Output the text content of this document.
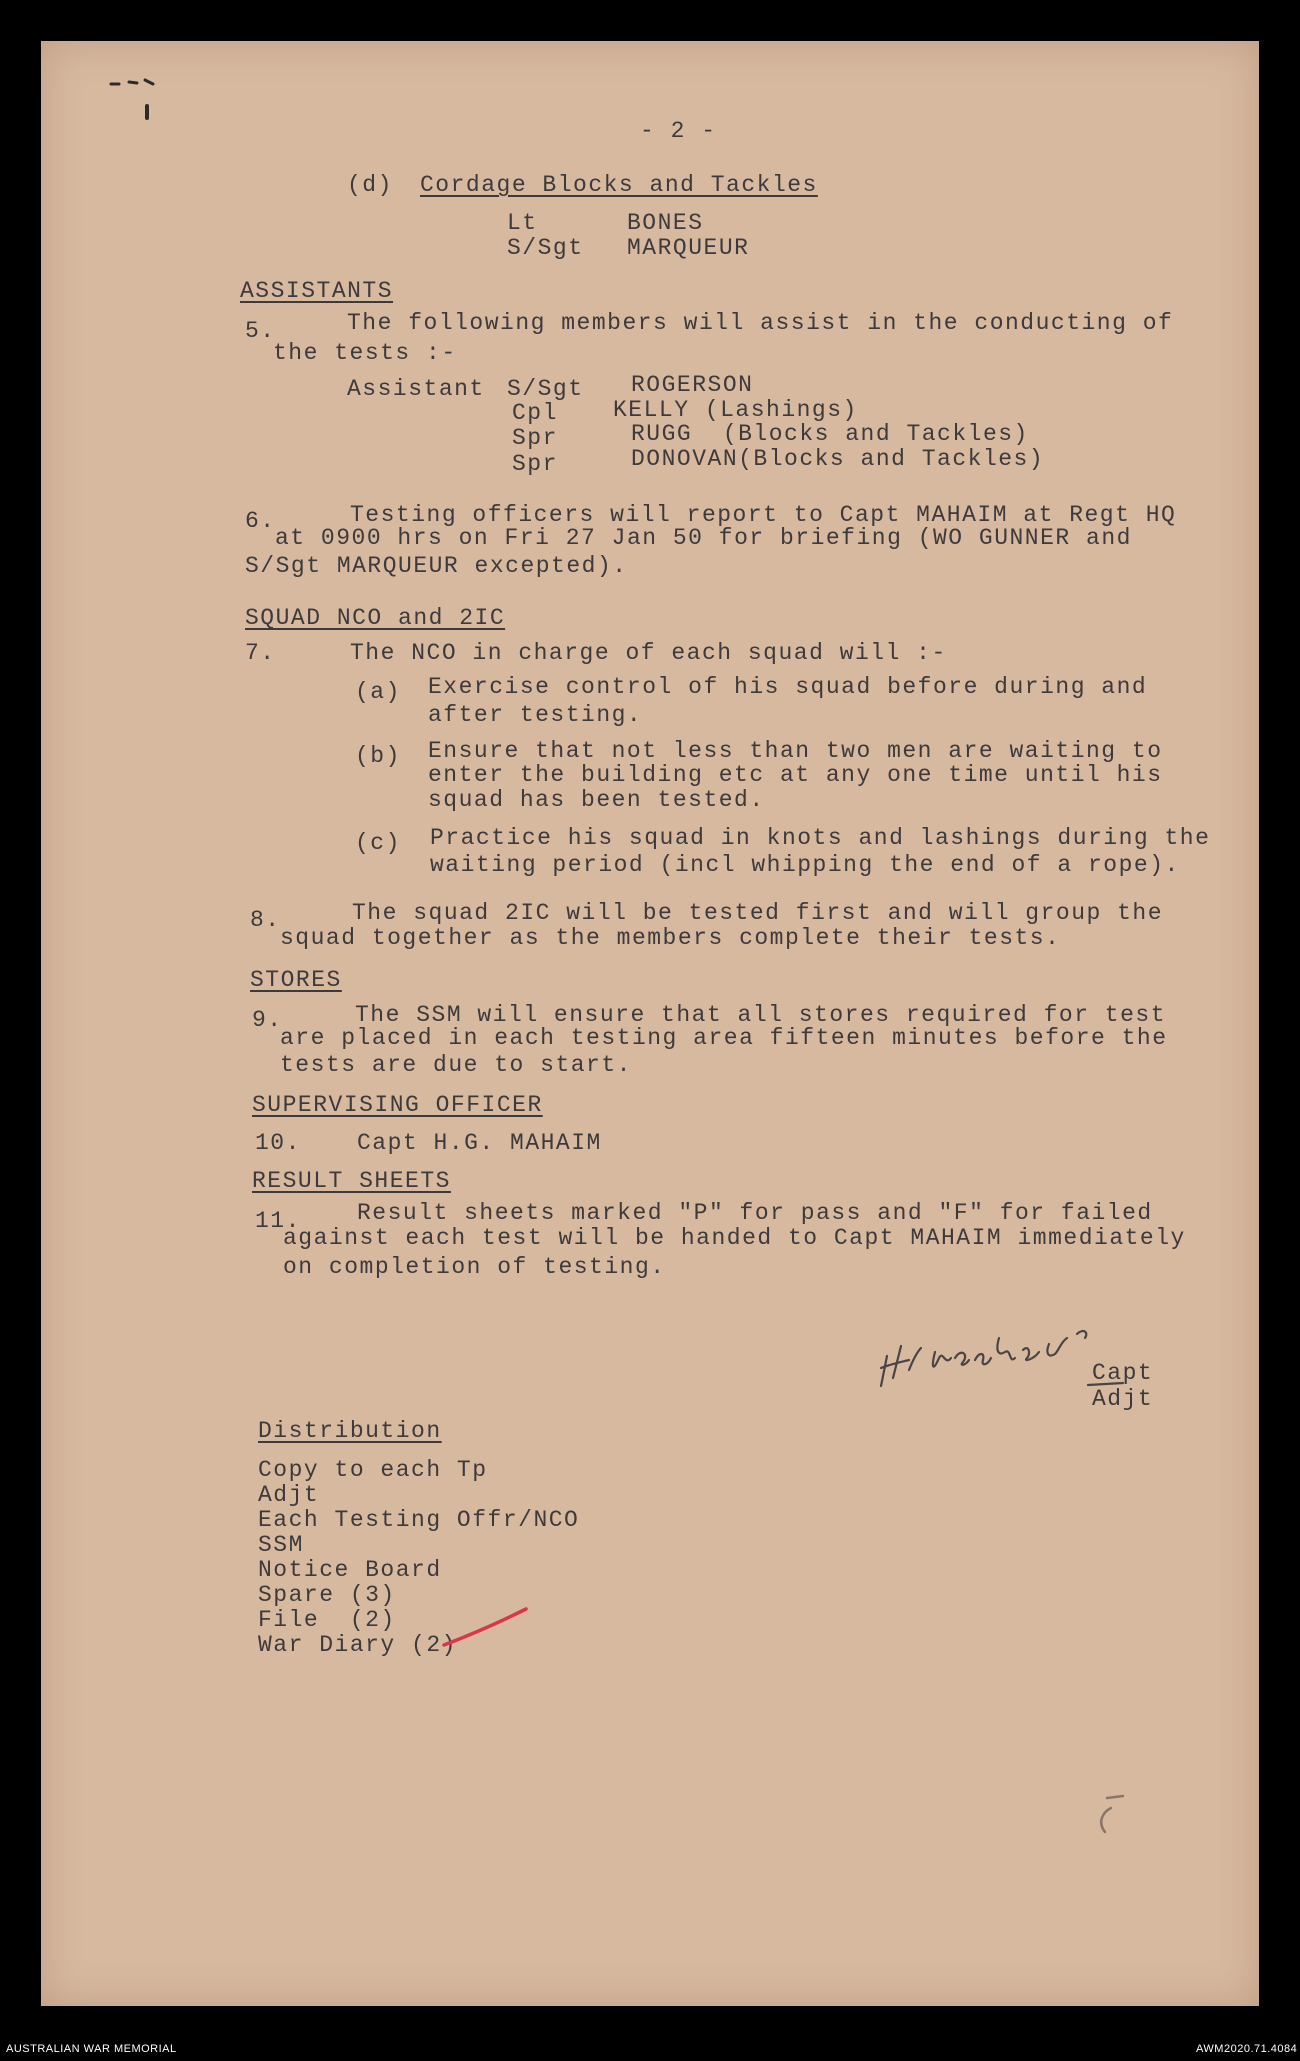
- 2 -
(d) Cordage Blocks and Tackles
Lt	BONES
S/Sgt MARQUEUR
ASSISTANTS
5.	The following members will assist in the conducting of
the tests :-
Assistant S/Sgt ROGERSON
Cpl KELLY (Lashings)
Spr	RUGG  (Blocks and Tackles)
Spr	DONOVAN(Blocks and Tackles)
6.	Testing officers will report to Capt MAHAIM at Regt HQ
at 0900 hrs on Fri 27 Jan 50 for briefing (WO GUNNER and
S/Sgt MARQUEUR excepted).
SQUAD NCO and 2IC
7.	The NCO in charge of each squad will :-
(a) Exercise control of his squad before during and
after testing.
(b) Ensure that not less than two men are waiting to
enter the building etc at any one time until his
squad has been tested.
(c) Practice his squad in knots and lashings during the
waiting period (incl whipping the end of a rope).
8.	The squad 2IC will be tested first and will group the
squad together as the members complete their tests.
STORES
9.	The SSM will ensure that all stores required for test
are placed in each testing area fifteen minutes before the
tests are due to start.
SUPERVISING OFFICER
10. Capt H.G. MAHAIM
RESULT SHEETS
11. Result sheets marked "P" for pass and "F" for failed
against each test will be handed to Capt MAHAIM immediately
on completion of testing.
Capt
Adjt
Distribution
Copy to each Tp
Adjt
Each Testing Offr/NCO
SSM
Notice Board
Spare (3)
File  (2)
War Diary (2)
AUSTRALIAN WAR MEMORIAL	AWM2020.71.4084
